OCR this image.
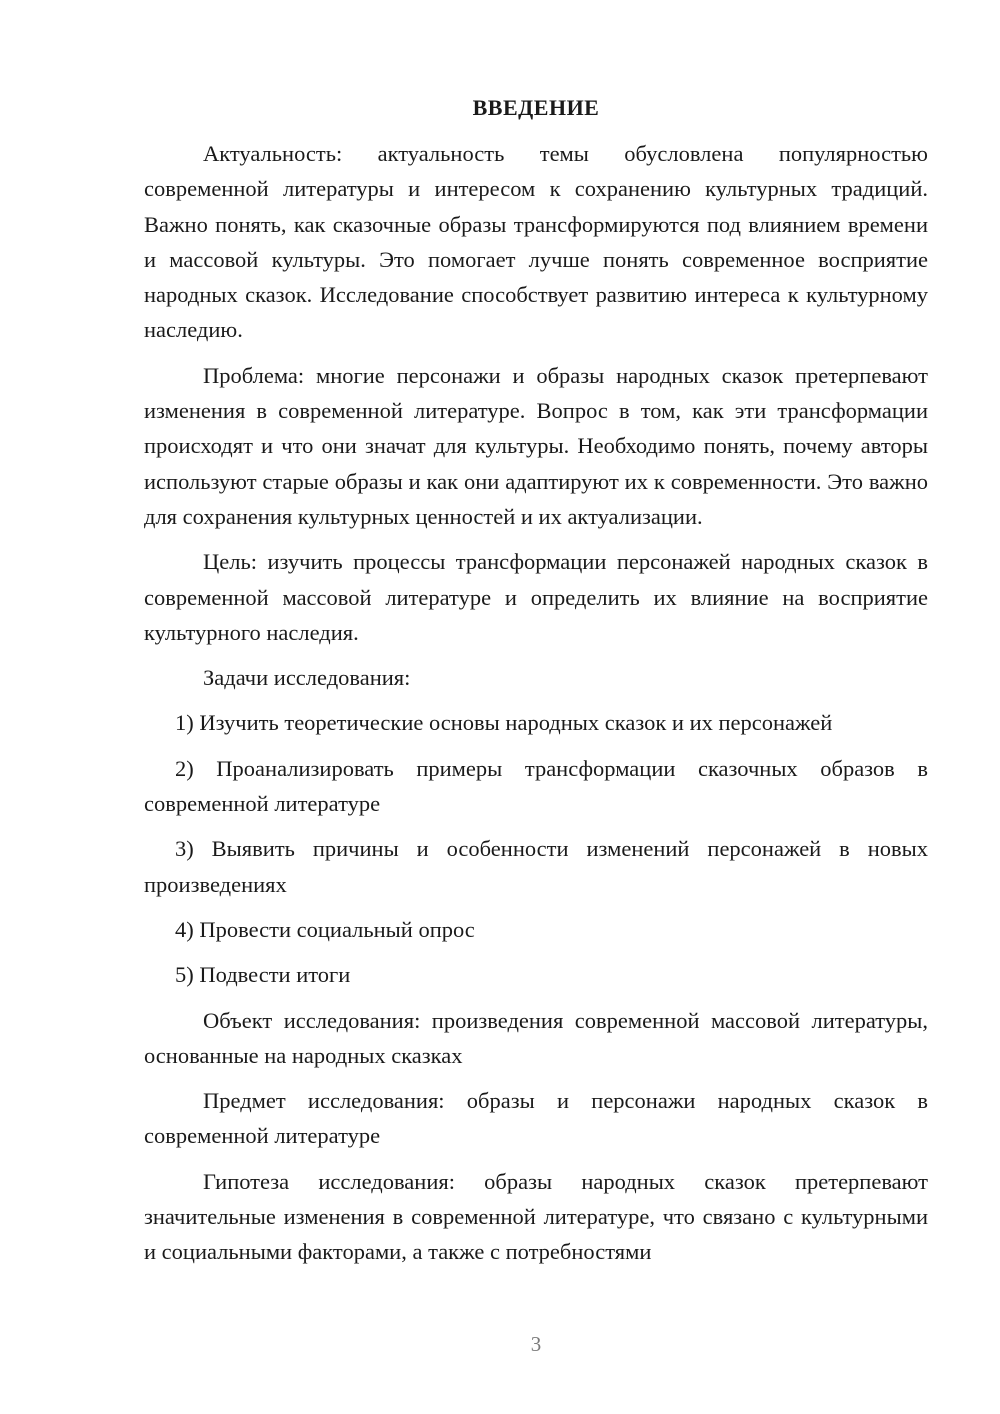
ВВЕДЕНИЕ

Актуальность: актуальность темы обусловлена популярностью современной литературы и интересом к сохранению культурных традиций. Важно понять, как сказочные образы трансформируются под влиянием времени и массовой культуры. Это помогает лучше понять современное восприятие народных сказок. Исследование способствует развитию интереса к культурному наследию.

Проблема: многие персонажи и образы народных сказок претерпевают изменения в современной литературе. Вопрос в том, как эти трансформации происходят и что они значат для культуры. Необходимо понять, почему авторы используют старые образы и как они адаптируют их к современности. Это важно для сохранения культурных ценностей и их актуализации.

Цель: изучить процессы трансформации персонажей народных сказок в современной массовой литературе и определить их влияние на восприятие культурного наследия.

Задачи исследования:

1) Изучить теоретические основы народных сказок и их персонажей

2) Проанализировать примеры трансформации сказочных образов в современной литературе

3) Выявить причины и особенности изменений персонажей в новых произведениях

4) Провести социальный опрос

5) Подвести итоги

Объект исследования: произведения современной массовой литературы, основанные на народных сказках

Предмет исследования: образы и персонажи народных сказок в современной литературе

Гипотеза исследования: образы народных сказок претерпевают значительные изменения в современной литературе, что связано с культурными и социальными факторами, а также с потребностями

3
